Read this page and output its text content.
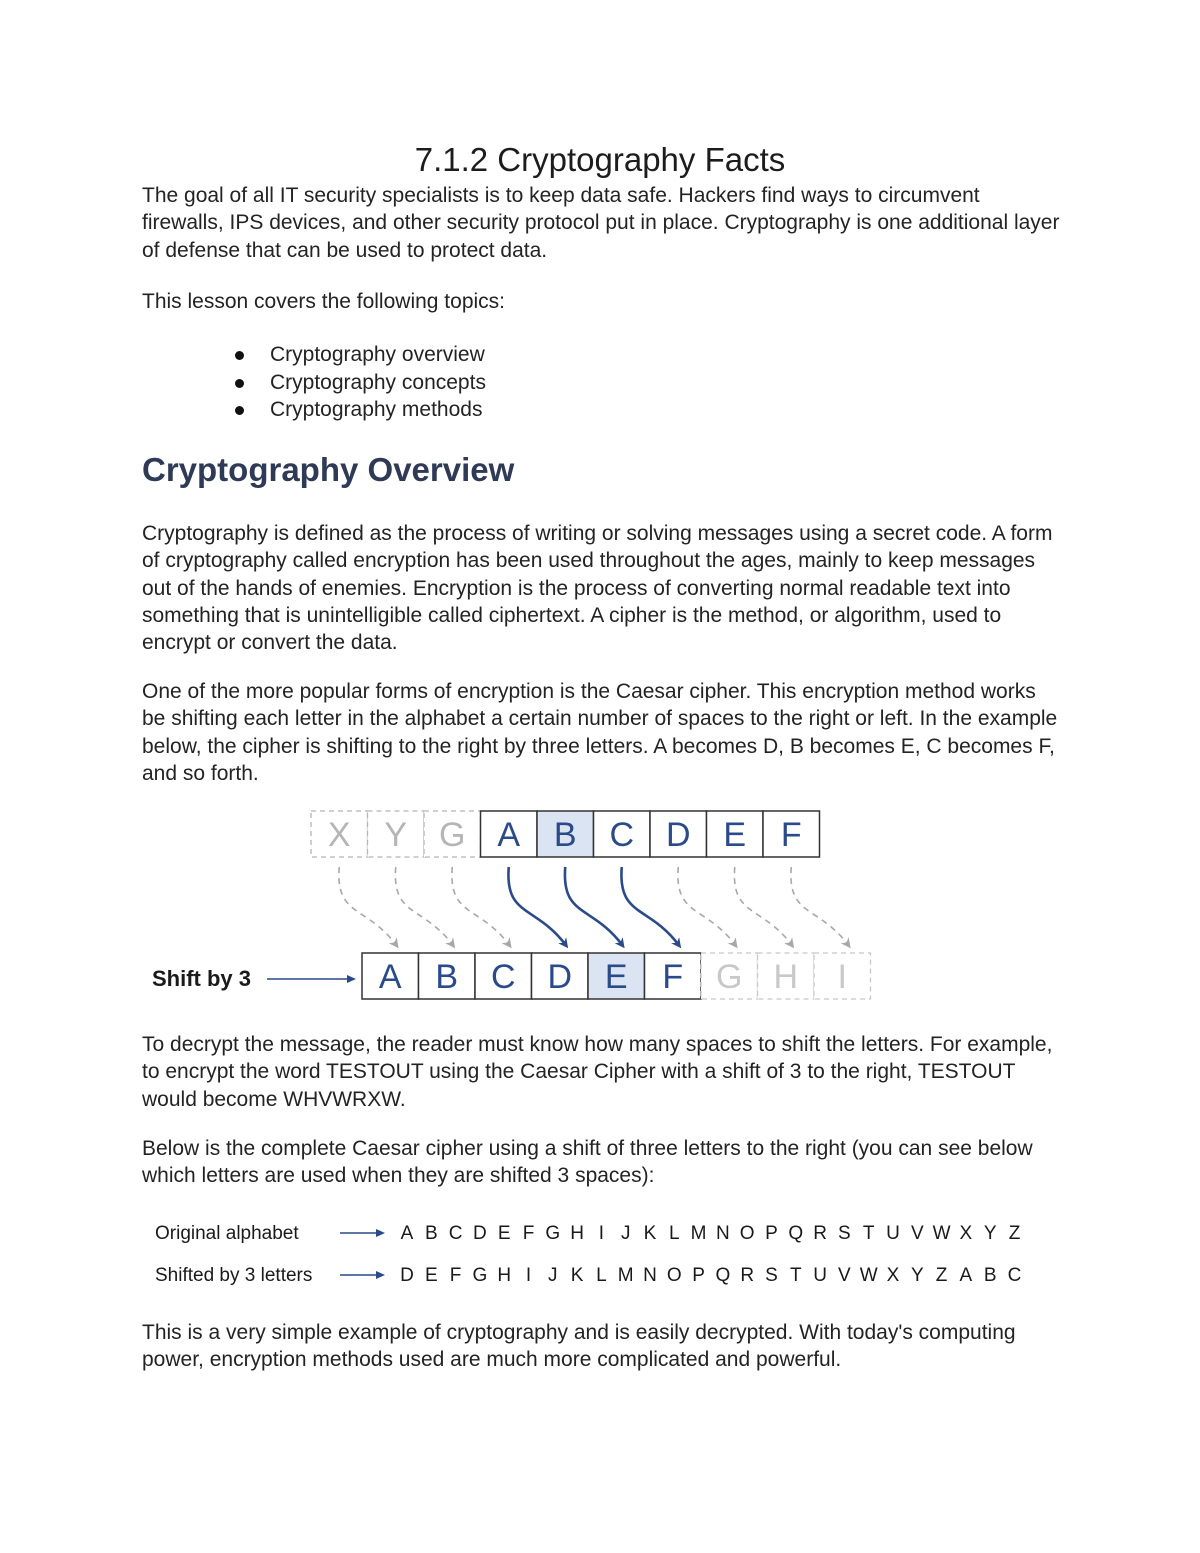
7.1.2 Cryptography Facts

The goal of all IT security specialists is to keep data safe. Hackers find ways to circumvent firewalls, IPS devices, and other security protocol put in place. Cryptography is one additional layer of defense that can be used to protect data.

This lesson covers the following topics:

Cryptography overview
Cryptography concepts
Cryptography methods
Cryptography Overview

Cryptography is defined as the process of writing or solving messages using a secret code. A form of cryptography called encryption has been used throughout the ages, mainly to keep messages out of the hands of enemies. Encryption is the process of converting normal readable text into something that is unintelligible called ciphertext. A cipher is the method, or algorithm, used to encrypt or convert the data.

One of the more popular forms of encryption is the Caesar cipher. This encryption method works be shifting each letter in the alphabet a certain number of spaces to the right or left. In the example below, the cipher is shifting to the right by three letters. A becomes D, B becomes E, C becomes F, and so forth.

To decrypt the message, the reader must know how many spaces to shift the letters. For example, to encrypt the word TESTOUT using the Caesar Cipher with a shift of 3 to the right, TESTOUT would become WHVWRXW.

Below is the complete Caesar cipher using a shift of three letters to the right (you can see below which letters are used when they are shifted 3 spaces):

This is a very simple example of cryptography and is easily decrypted. With today's computing power, encryption methods used are much more complicated and powerful.

X Y G A B C D E F
A B C D E F G H I
Shift by 3
Original alphabet
Shifted by 3 letters
A B C D E F G H I J K L M N O P Q R S T U V W X Y Z
D E F G H I J K L M N O P Q R S T U V W X Y Z A B C
